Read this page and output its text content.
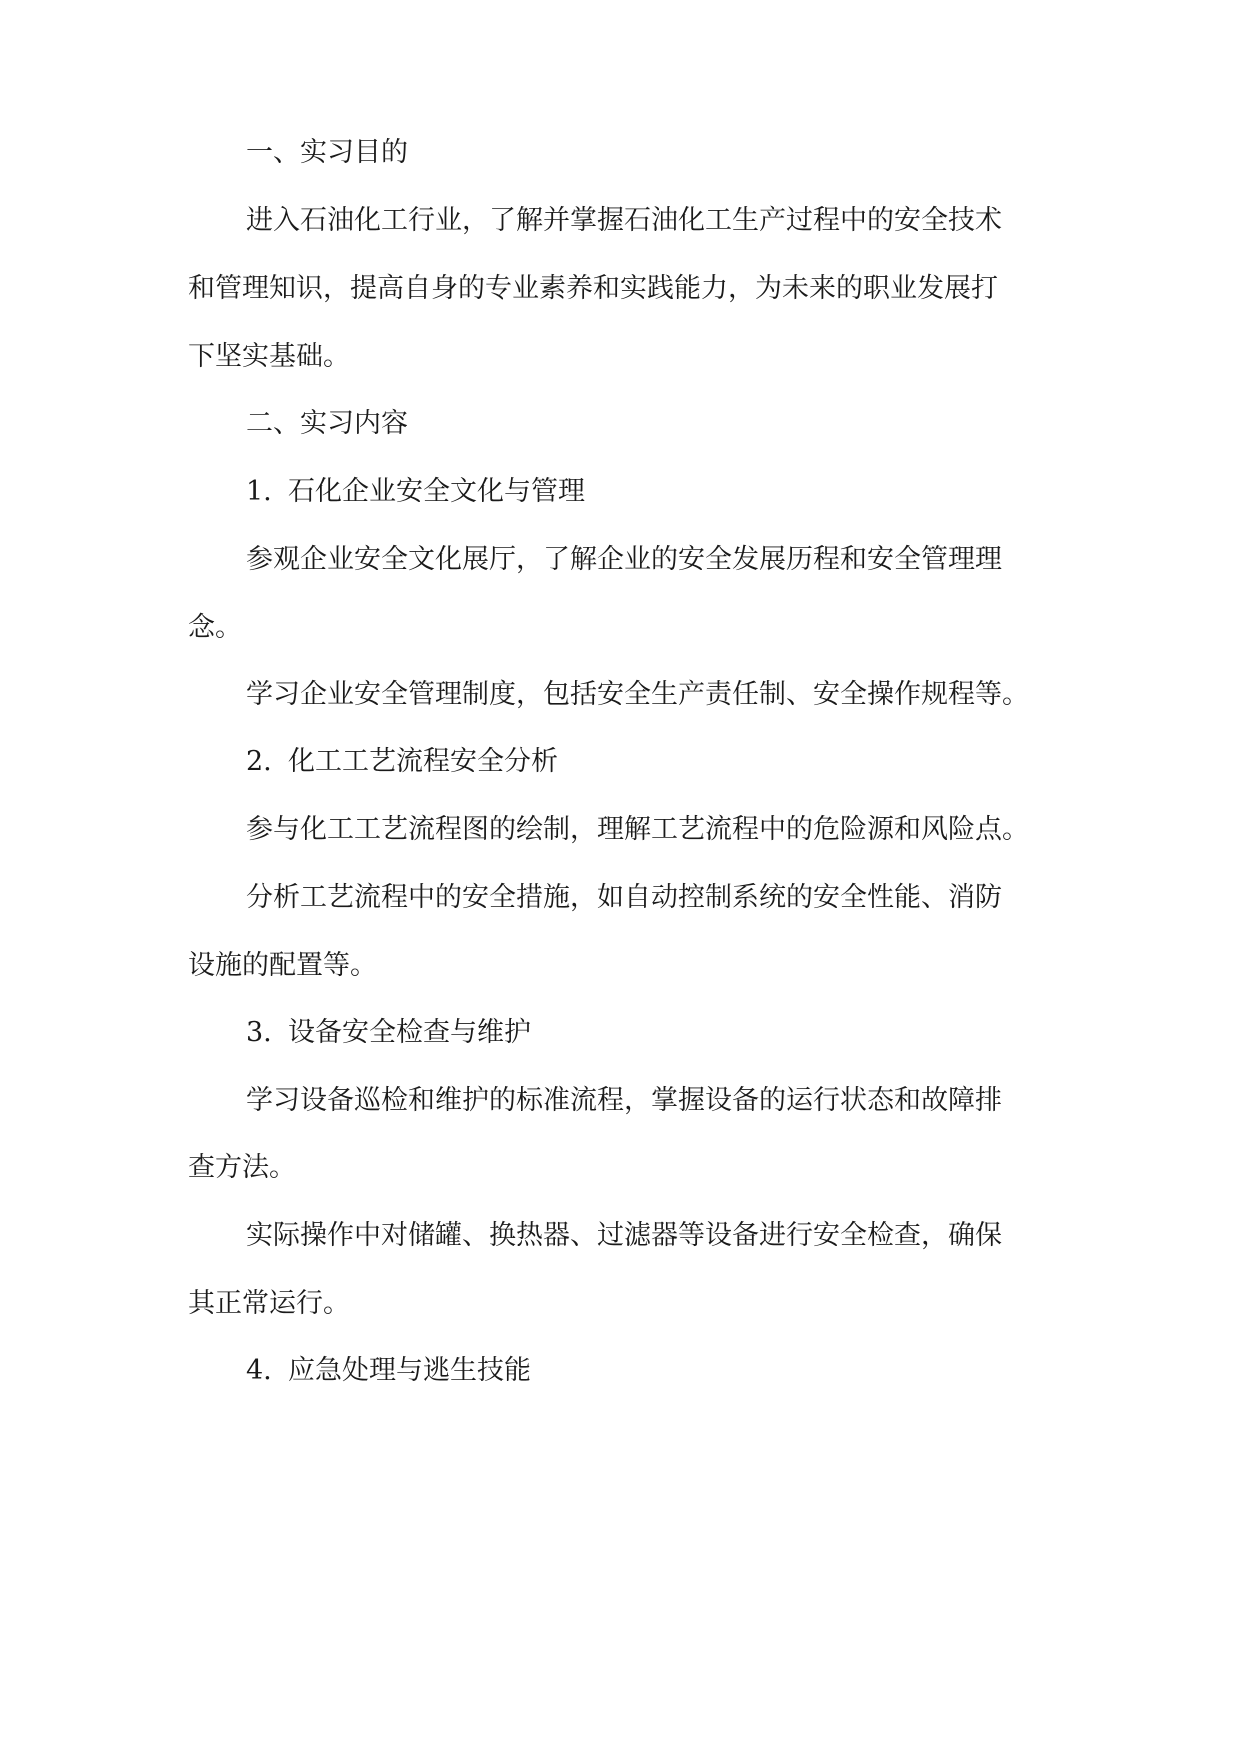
一、实习目的
进入石油化工行业，了解并掌握石油化工生产过程中的安全技术
和管理知识，提高自身的专业素养和实践能力，为未来的职业发展打
下坚实基础。
二、实习内容
1. 石化企业安全文化与管理
参观企业安全文化展厅，了解企业的安全发展历程和安全管理理
念。
学习企业安全管理制度，包括安全生产责任制、安全操作规程等。
2. 化工工艺流程安全分析
参与化工工艺流程图的绘制，理解工艺流程中的危险源和风险点。
分析工艺流程中的安全措施，如自动控制系统的安全性能、消防
设施的配置等。
3. 设备安全检查与维护
学习设备巡检和维护的标准流程，掌握设备的运行状态和故障排
查方法。
实际操作中对储罐、换热器、过滤器等设备进行安全检查，确保
其正常运行。
4. 应急处理与逃生技能
